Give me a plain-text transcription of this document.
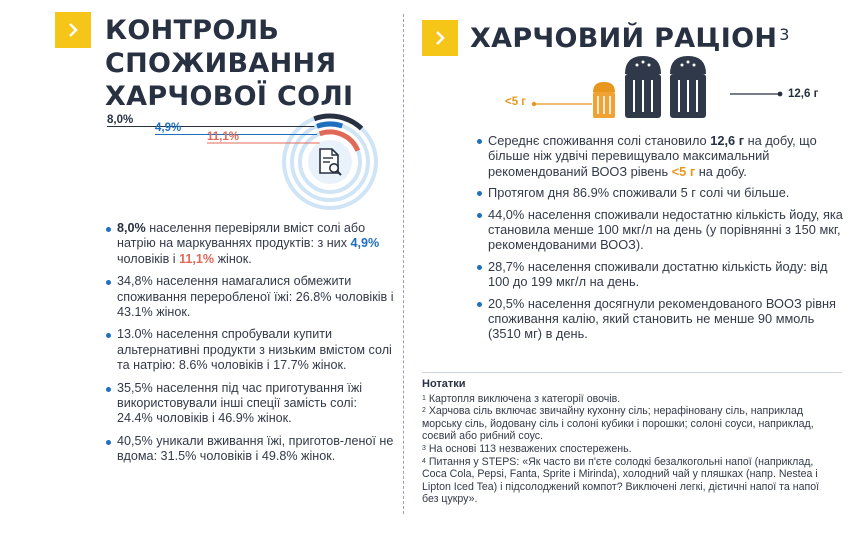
КОНТРОЛЬ
СПОЖИВАННЯ
ХАРЧОВОЇ СОЛІ
8,0%
4,9%
11,1%
8,0% населення перевіряли вміст солі або натрію на маркуваннях продуктів: з них 4,9% чоловіків і 11,1% жінок.
34,8% населення намагалися обмежити споживання переробленої їжі: 26.8% чоловіків і 43.1% жінок.
13.0% населення спробували купити альтернативні продукти з низьким вмістом солі та натрію: 8.6% чоловіків і 17.7% жінок.
35,5% населення під час приготування їжі використовували інші спеції замість солі: 24.4% чоловіків і 46.9% жінок.
40,5% уникали вживання їжі, приготов-леної не вдома: 31.5% чоловіків і 49.8% жінок.
ХАРЧОВИЙ РАЦІОН $^3$
<5 г
12,6 г
Середнє споживання солі становило 12,6 г на добу, що більше ніж удвічі перевищувало максимальний рекомендований ВООЗ рівень <5 г на добу.
Протягом дня 86.9% споживали 5 г солі чи більше.
44,0% населення споживали недостатню кількість йоду, яка становила менше 100 мкг/л на день (у порівнянні з 150 мкг, рекомендованими ВООЗ).
28,7% населення споживали достатню кількість йоду: від 100 до 199 мкг/л на день.
20,5% населення досягнули рекомендованого ВООЗ рівня споживання калію, який становить не менше 90 ммоль (3510 мг) в день.
Нотатки

$^1$ Картопля виключена з категорії овочів.

$^2$ Харчова сіль включає звичайну кухонну сіль; нерафіновану сіль, наприклад морську сіль, йодовану сіль і солоні кубики і порошки; солоні соуси, наприклад, соєвий або рибний соус.

$^3$ На основі 113 незважених спостережень.

$^4$ Питання у STEPS: «Як часто ви п'єте солодкі безалкогольні напої (наприклад, Coca Cola, Pepsi, Fanta, Sprite і Mirinda), холодний чай у пляшках (напр. Nestea і Lipton Iced Tea) і підсолоджений компот? Виключені легкі, дієтичні напої та напої без цукру».
